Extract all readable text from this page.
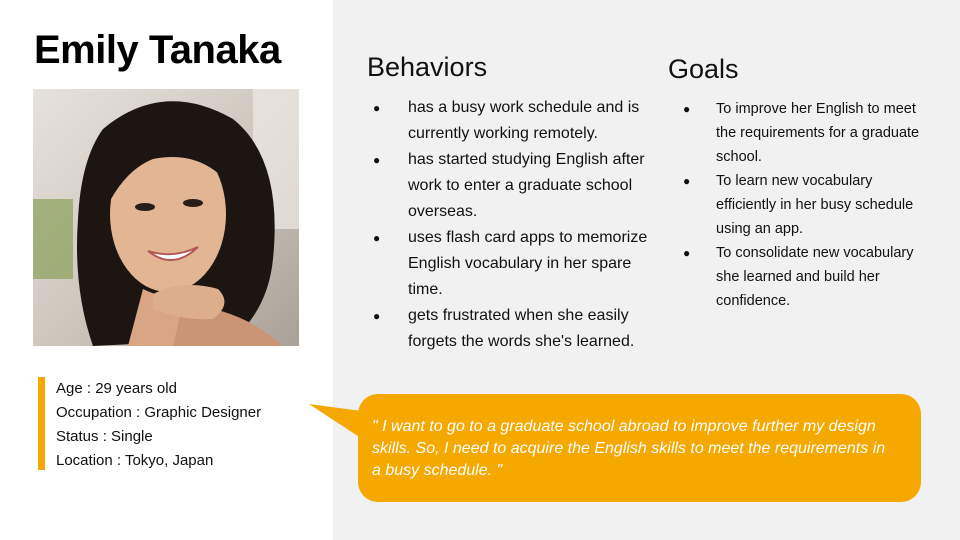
Emily Tanaka
Age : 29 years old
Occupation : Graphic Designer
Status : Single
Location : Tokyo, Japan
Behaviors
● has a busy work schedule and is currently working remotely.
● has started studying English after work to enter a graduate school overseas.
● uses flash card apps to memorize English vocabulary in her spare time.
● gets frustrated when she easily forgets the words she's learned.
Goals
● To improve her English to meet the requirements for a graduate school.
● To learn new vocabulary efficiently in her busy schedule using an app.
● To consolidate new vocabulary she learned and build her confidence.
" I want to go to a graduate school abroad to improve further my design skills. So, I need to acquire the English skills to meet the requirements in a busy schedule. "
